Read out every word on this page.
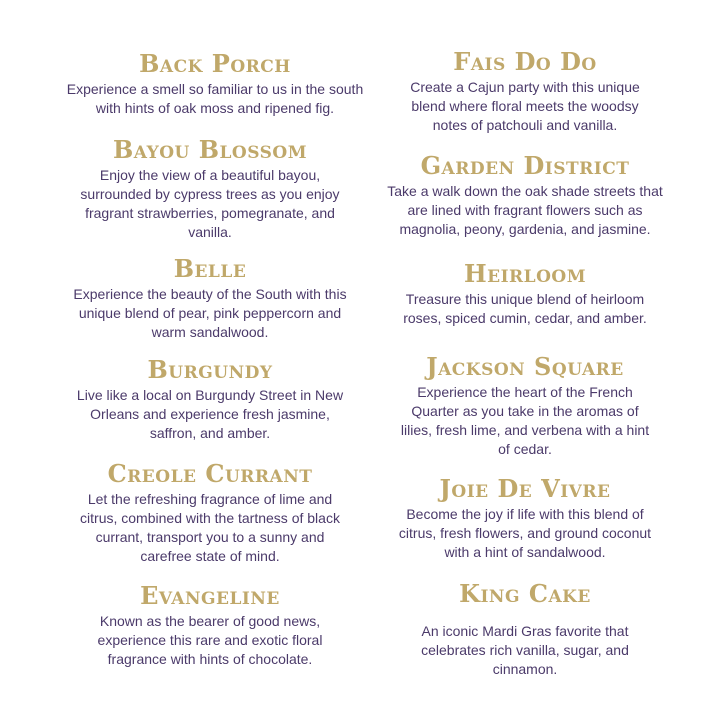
Back Porch
Experience a smell so familiar to us in the south with hints of oak moss and ripened fig.
Bayou Blossom
Enjoy the view of a beautiful bayou, surrounded by cypress trees as you enjoy fragrant strawberries, pomegranate, and vanilla.
Belle
Experience the beauty of the South with this unique blend of pear, pink peppercorn and warm sandalwood.
Burgundy
Live like a local on Burgundy Street in New Orleans and experience fresh jasmine, saffron, and amber.
Creole Currant
Let the refreshing fragrance of lime and citrus, combined with the tartness of black currant, transport you to a sunny and carefree state of mind.
Evangeline
Known as the bearer of good news, experience this rare and exotic floral fragrance with hints of chocolate.
Fais Do Do
Create a Cajun party with this unique blend where floral meets the woodsy notes of patchouli and vanilla.
Garden District
Take a walk down the oak shade streets that are lined with fragrant flowers such as magnolia, peony, gardenia, and jasmine.
Heirloom
Treasure this unique blend of heirloom roses, spiced cumin, cedar, and amber.
Jackson Square
Experience the heart of the French Quarter as you take in the aromas of lilies, fresh lime, and verbena with a hint of cedar.
Joie De Vivre
Become the joy if life with this blend of citrus, fresh flowers, and ground coconut with a hint of sandalwood.
King Cake
An iconic Mardi Gras favorite that celebrates rich vanilla, sugar, and cinnamon.
